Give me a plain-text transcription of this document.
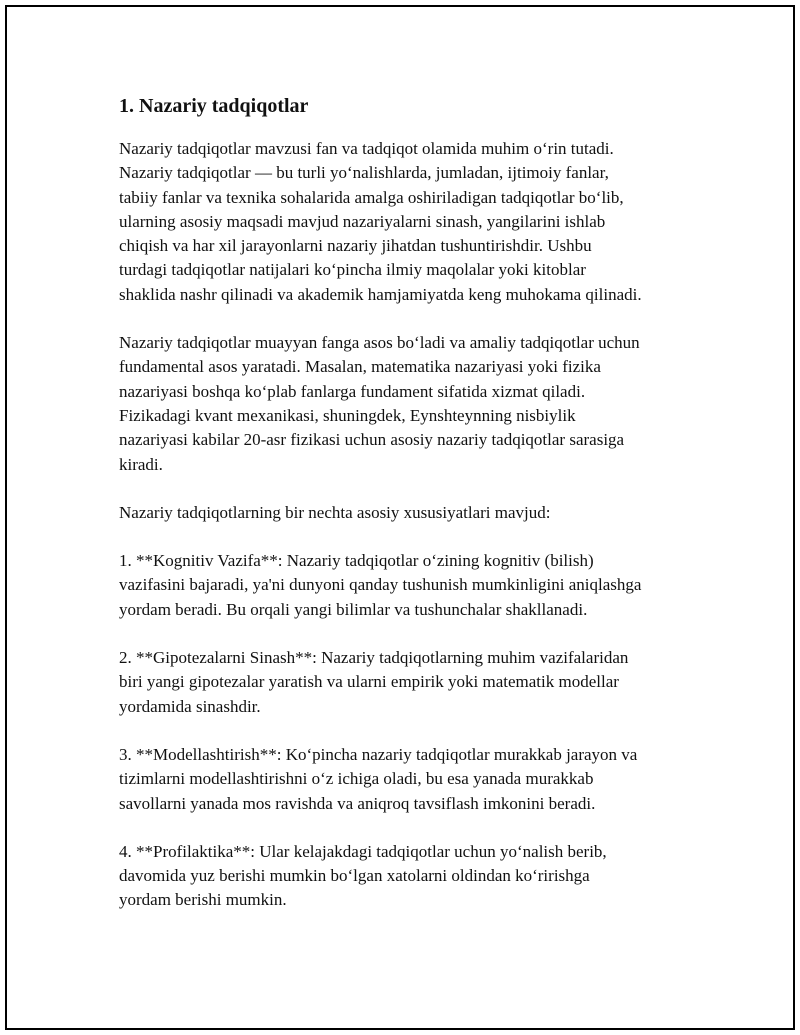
1. Nazariy tadqiqotlar

Nazariy tadqiqotlar mavzusi fan va tadqiqot olamida muhim o‘rin tutadi.
Nazariy tadqiqotlar — bu turli yo‘nalishlarda, jumladan, ijtimoiy fanlar,
tabiiy fanlar va texnika sohalarida amalga oshiriladigan tadqiqotlar bo‘lib,
ularning asosiy maqsadi mavjud nazariyalarni sinash, yangilarini ishlab
chiqish va har xil jarayonlarni nazariy jihatdan tushuntirishdir. Ushbu
turdagi tadqiqotlar natijalari ko‘pincha ilmiy maqolalar yoki kitoblar
shaklida nashr qilinadi va akademik hamjamiyatda keng muhokama qilinadi.

Nazariy tadqiqotlar muayyan fanga asos bo‘ladi va amaliy tadqiqotlar uchun
fundamental asos yaratadi. Masalan, matematika nazariyasi yoki fizika
nazariyasi boshqa ko‘plab fanlarga fundament sifatida xizmat qiladi.
Fizikadagi kvant mexanikasi, shuningdek, Eynshteynning nisbiylik
nazariyasi kabilar 20-asr fizikasi uchun asosiy nazariy tadqiqotlar sarasiga
kiradi.

Nazariy tadqiqotlarning bir nechta asosiy xususiyatlari mavjud:

1. **Kognitiv Vazifa**: Nazariy tadqiqotlar o‘zining kognitiv (bilish)
vazifasini bajaradi, ya'ni dunyoni qanday tushunish mumkinligini aniqlashga
yordam beradi. Bu orqali yangi bilimlar va tushunchalar shakllanadi.

2. **Gipotezalarni Sinash**: Nazariy tadqiqotlarning muhim vazifalaridan
biri yangi gipotezalar yaratish va ularni empirik yoki matematik modellar
yordamida sinashdir.

3. **Modellashtirish**: Ko‘pincha nazariy tadqiqotlar murakkab jarayon va
tizimlarni modellashtirishni o‘z ichiga oladi, bu esa yanada murakkab
savollarni yanada mos ravishda va aniqroq tavsiflash imkonini beradi.

4. **Profilaktika**: Ular kelajakdagi tadqiqotlar uchun yo‘nalish berib,
davomida yuz berishi mumkin bo‘lgan xatolarni oldindan ko‘ririshga
yordam berishi mumkin.
